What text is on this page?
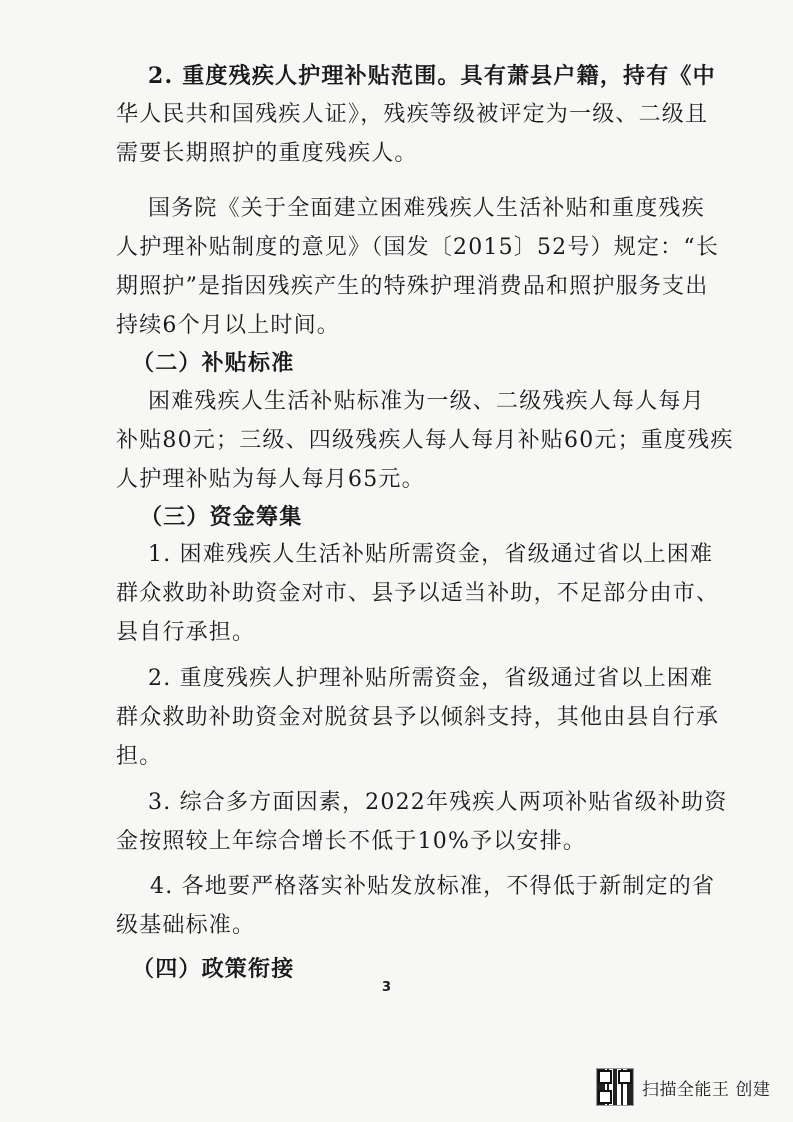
2. 重度残疾人护理补贴范围。具有萧县户籍，持有《中
华人民共和国残疾人证》，残疾等级被评定为一级、二级且
需要长期照护的重度残疾人。
国务院《关于全面建立困难残疾人生活补贴和重度残疾
人护理补贴制度的意见》（国发〔2015〕52号）规定：“长
期照护”是指因残疾产生的特殊护理消费品和照护服务支出
持续6个月以上时间。
（二）补贴标准
困难残疾人生活补贴标准为一级、二级残疾人每人每月
补贴80元；三级、四级残疾人每人每月补贴60元；重度残疾
人护理补贴为每人每月65元。
（三）资金筹集
1. 困难残疾人生活补贴所需资金，省级通过省以上困难
群众救助补助资金对市、县予以适当补助，不足部分由市、
县自行承担。
2. 重度残疾人护理补贴所需资金，省级通过省以上困难
群众救助补助资金对脱贫县予以倾斜支持，其他由县自行承
担。
3. 综合多方面因素，2022年残疾人两项补贴省级补助资
金按照较上年综合增长不低于10%予以安排。
4. 各地要严格落实补贴发放标准，不得低于新制定的省
级基础标准。
（四）政策衔接
3
扫描全能王 创建
